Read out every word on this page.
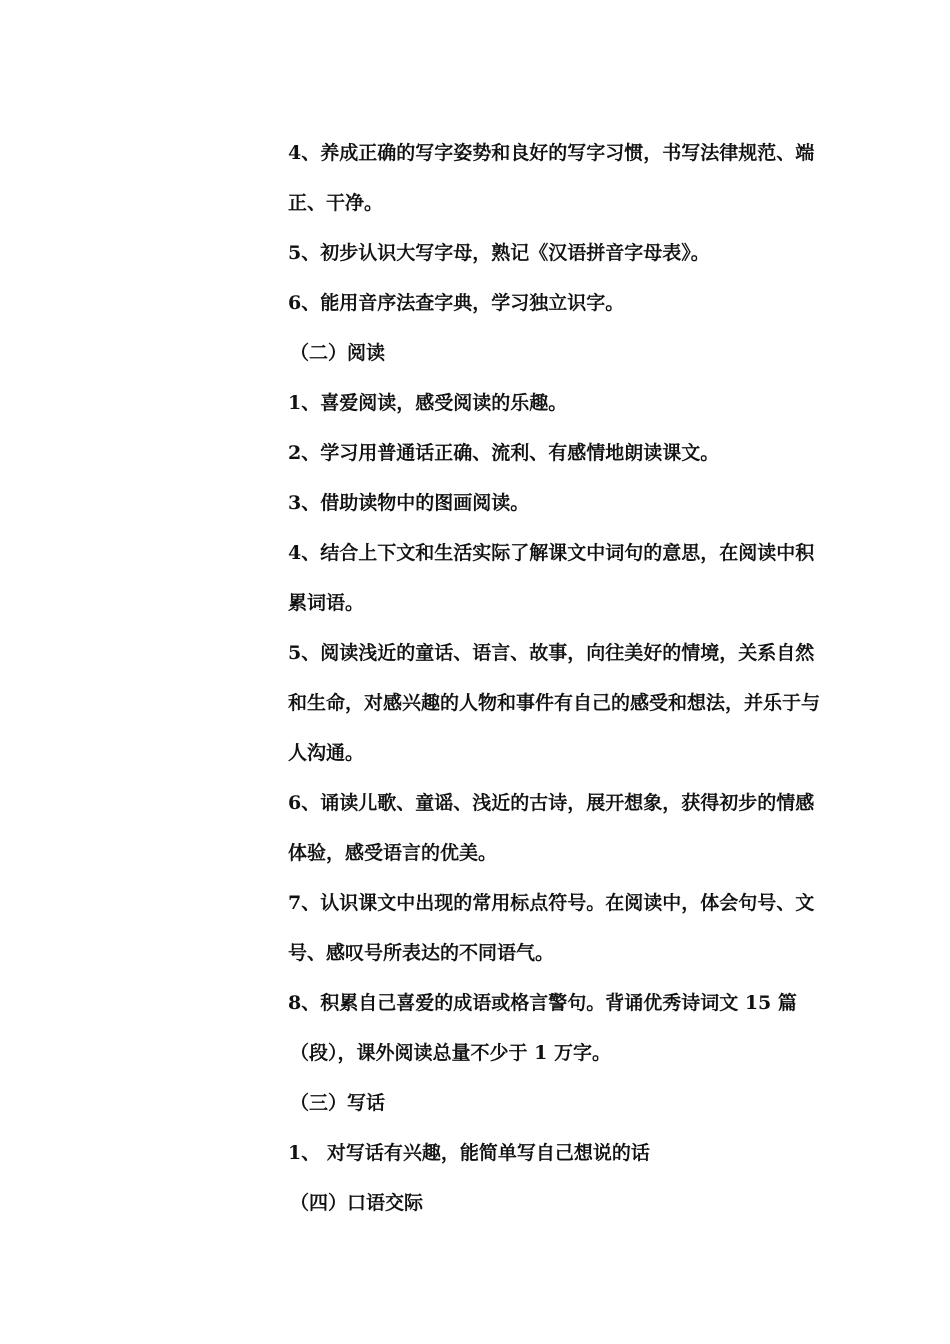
4、养成正确的写字姿势和良好的写字习惯，书写法律规范、端
正、干净。
5、初步认识大写字母，熟记《汉语拼音字母表》。
6、能用音序法查字典，学习独立识字。
（二）阅读
1、喜爱阅读，感受阅读的乐趣。
2、学习用普通话正确、流利、有感情地朗读课文。
3、借助读物中的图画阅读。
4、结合上下文和生活实际了解课文中词句的意思，在阅读中积
累词语。
5、阅读浅近的童话、语言、故事，向往美好的情境，关系自然
和生命，对感兴趣的人物和事件有自己的感受和想法，并乐于与
人沟通。
6、诵读儿歌、童谣、浅近的古诗，展开想象，获得初步的情感
体验，感受语言的优美。
7、认识课文中出现的常用标点符号。在阅读中，体会句号、文
号、感叹号所表达的不同语气。
8、积累自己喜爱的成语或格言警句。背诵优秀诗词文 15 篇
（段），课外阅读总量不少于 1 万字。
（三）写话
1、 对写话有兴趣，能简单写自己想说的话
（四）口语交际
